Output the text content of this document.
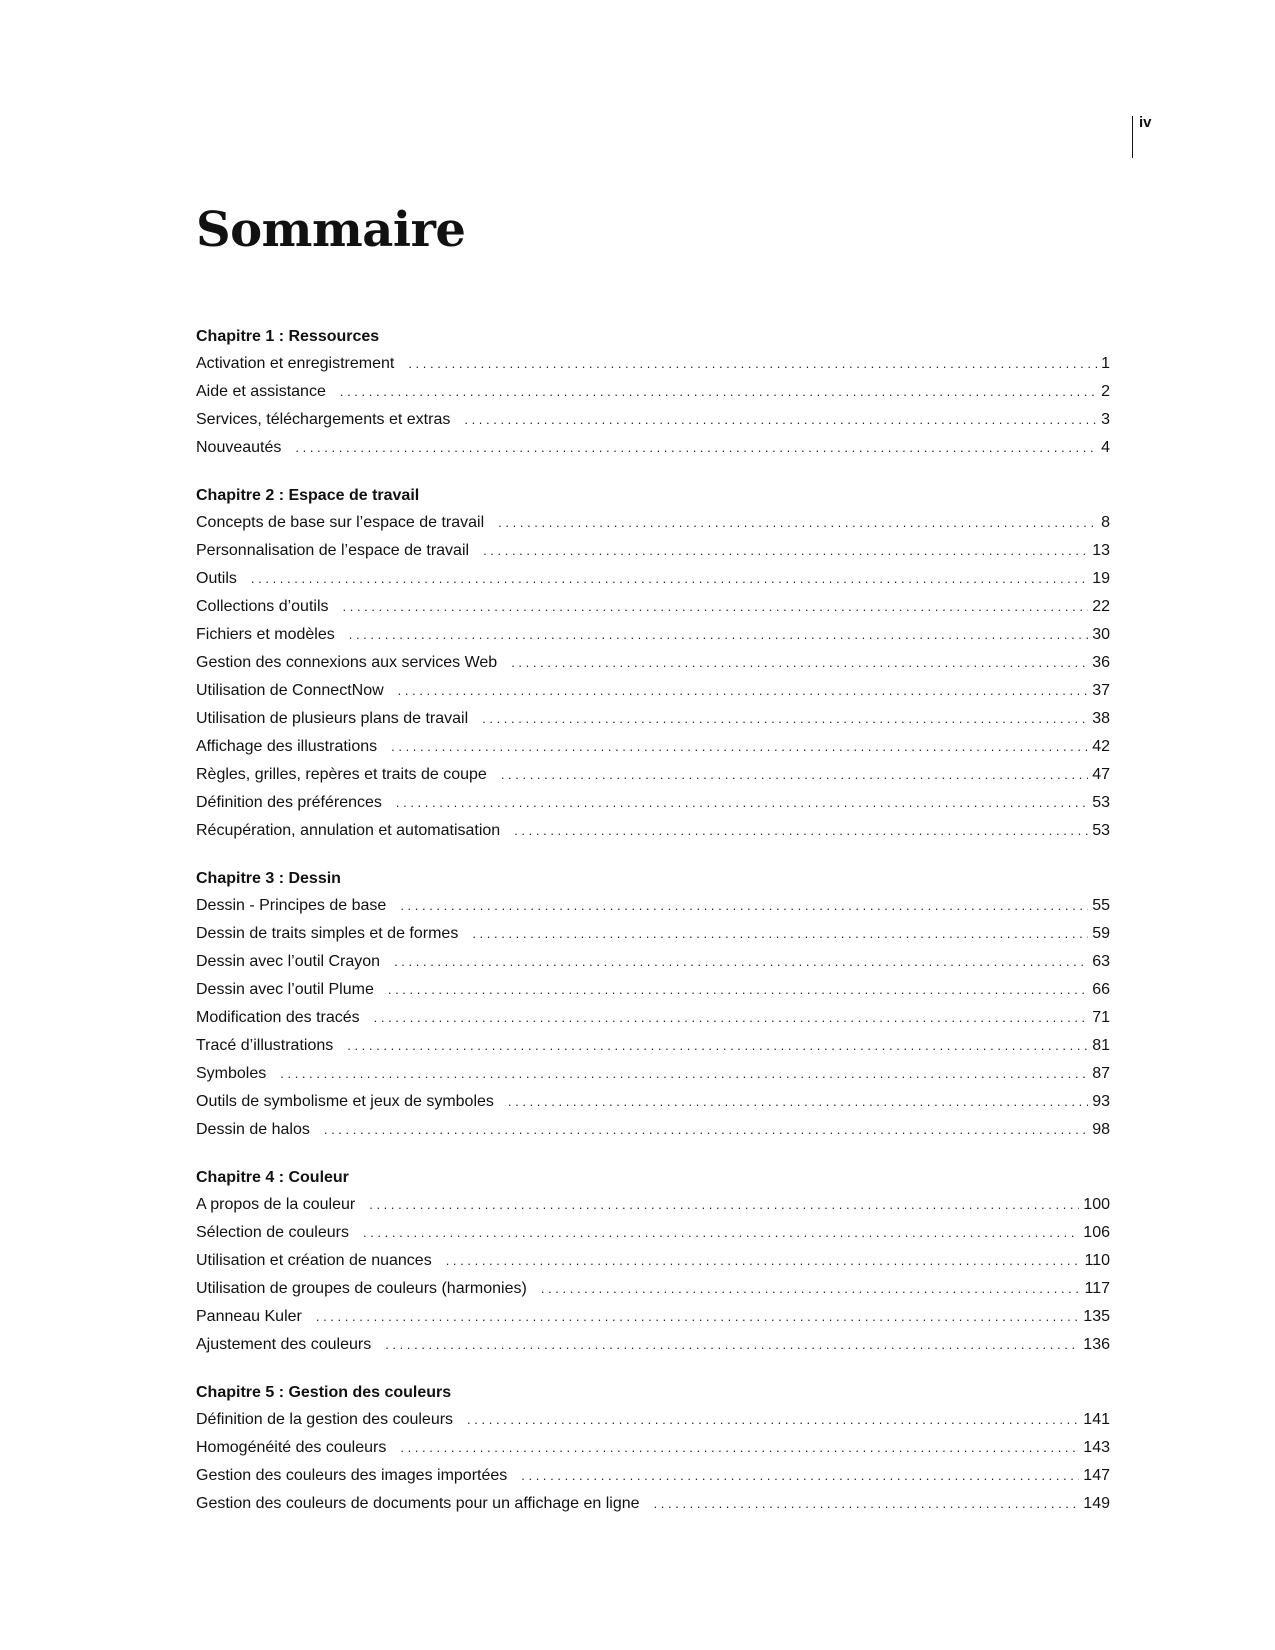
iv
Sommaire
Chapitre 1 : Ressources
Activation et enregistrement . . .	1
Aide et assistance . . .	2
Services, téléchargements et extras . . .	3
Nouveautés . . .	4
Chapitre 2 : Espace de travail
Concepts de base sur l’espace de travail . . .	8
Personnalisation de l’espace de travail . . .	13
Outils . . .	19
Collections d’outils . . .	22
Fichiers et modèles . . .	30
Gestion des connexions aux services Web . . .	36
Utilisation de ConnectNow . . .	37
Utilisation de plusieurs plans de travail . . .	38
Affichage des illustrations . . .	42
Règles, grilles, repères et traits de coupe . . .	47
Définition des préférences . . .	53
Récupération, annulation et automatisation . . .	53
Chapitre 3 : Dessin
Dessin - Principes de base . . .	55
Dessin de traits simples et de formes . . .	59
Dessin avec l’outil Crayon . . .	63
Dessin avec l’outil Plume . . .	66
Modification des tracés . . .	71
Tracé d’illustrations . . .	81
Symboles . . .	87
Outils de symbolisme et jeux de symboles . . .	93
Dessin de halos . . .	98
Chapitre 4 : Couleur
A propos de la couleur . . .	100
Sélection de couleurs . . .	106
Utilisation et création de nuances . . .	110
Utilisation de groupes de couleurs (harmonies) . . .	117
Panneau Kuler . . .	135
Ajustement des couleurs . . .	136
Chapitre 5 : Gestion des couleurs
Définition de la gestion des couleurs . . .	141
Homogénéité des couleurs . . .	143
Gestion des couleurs des images importées . . .	147
Gestion des couleurs de documents pour un affichage en ligne . . .	149
